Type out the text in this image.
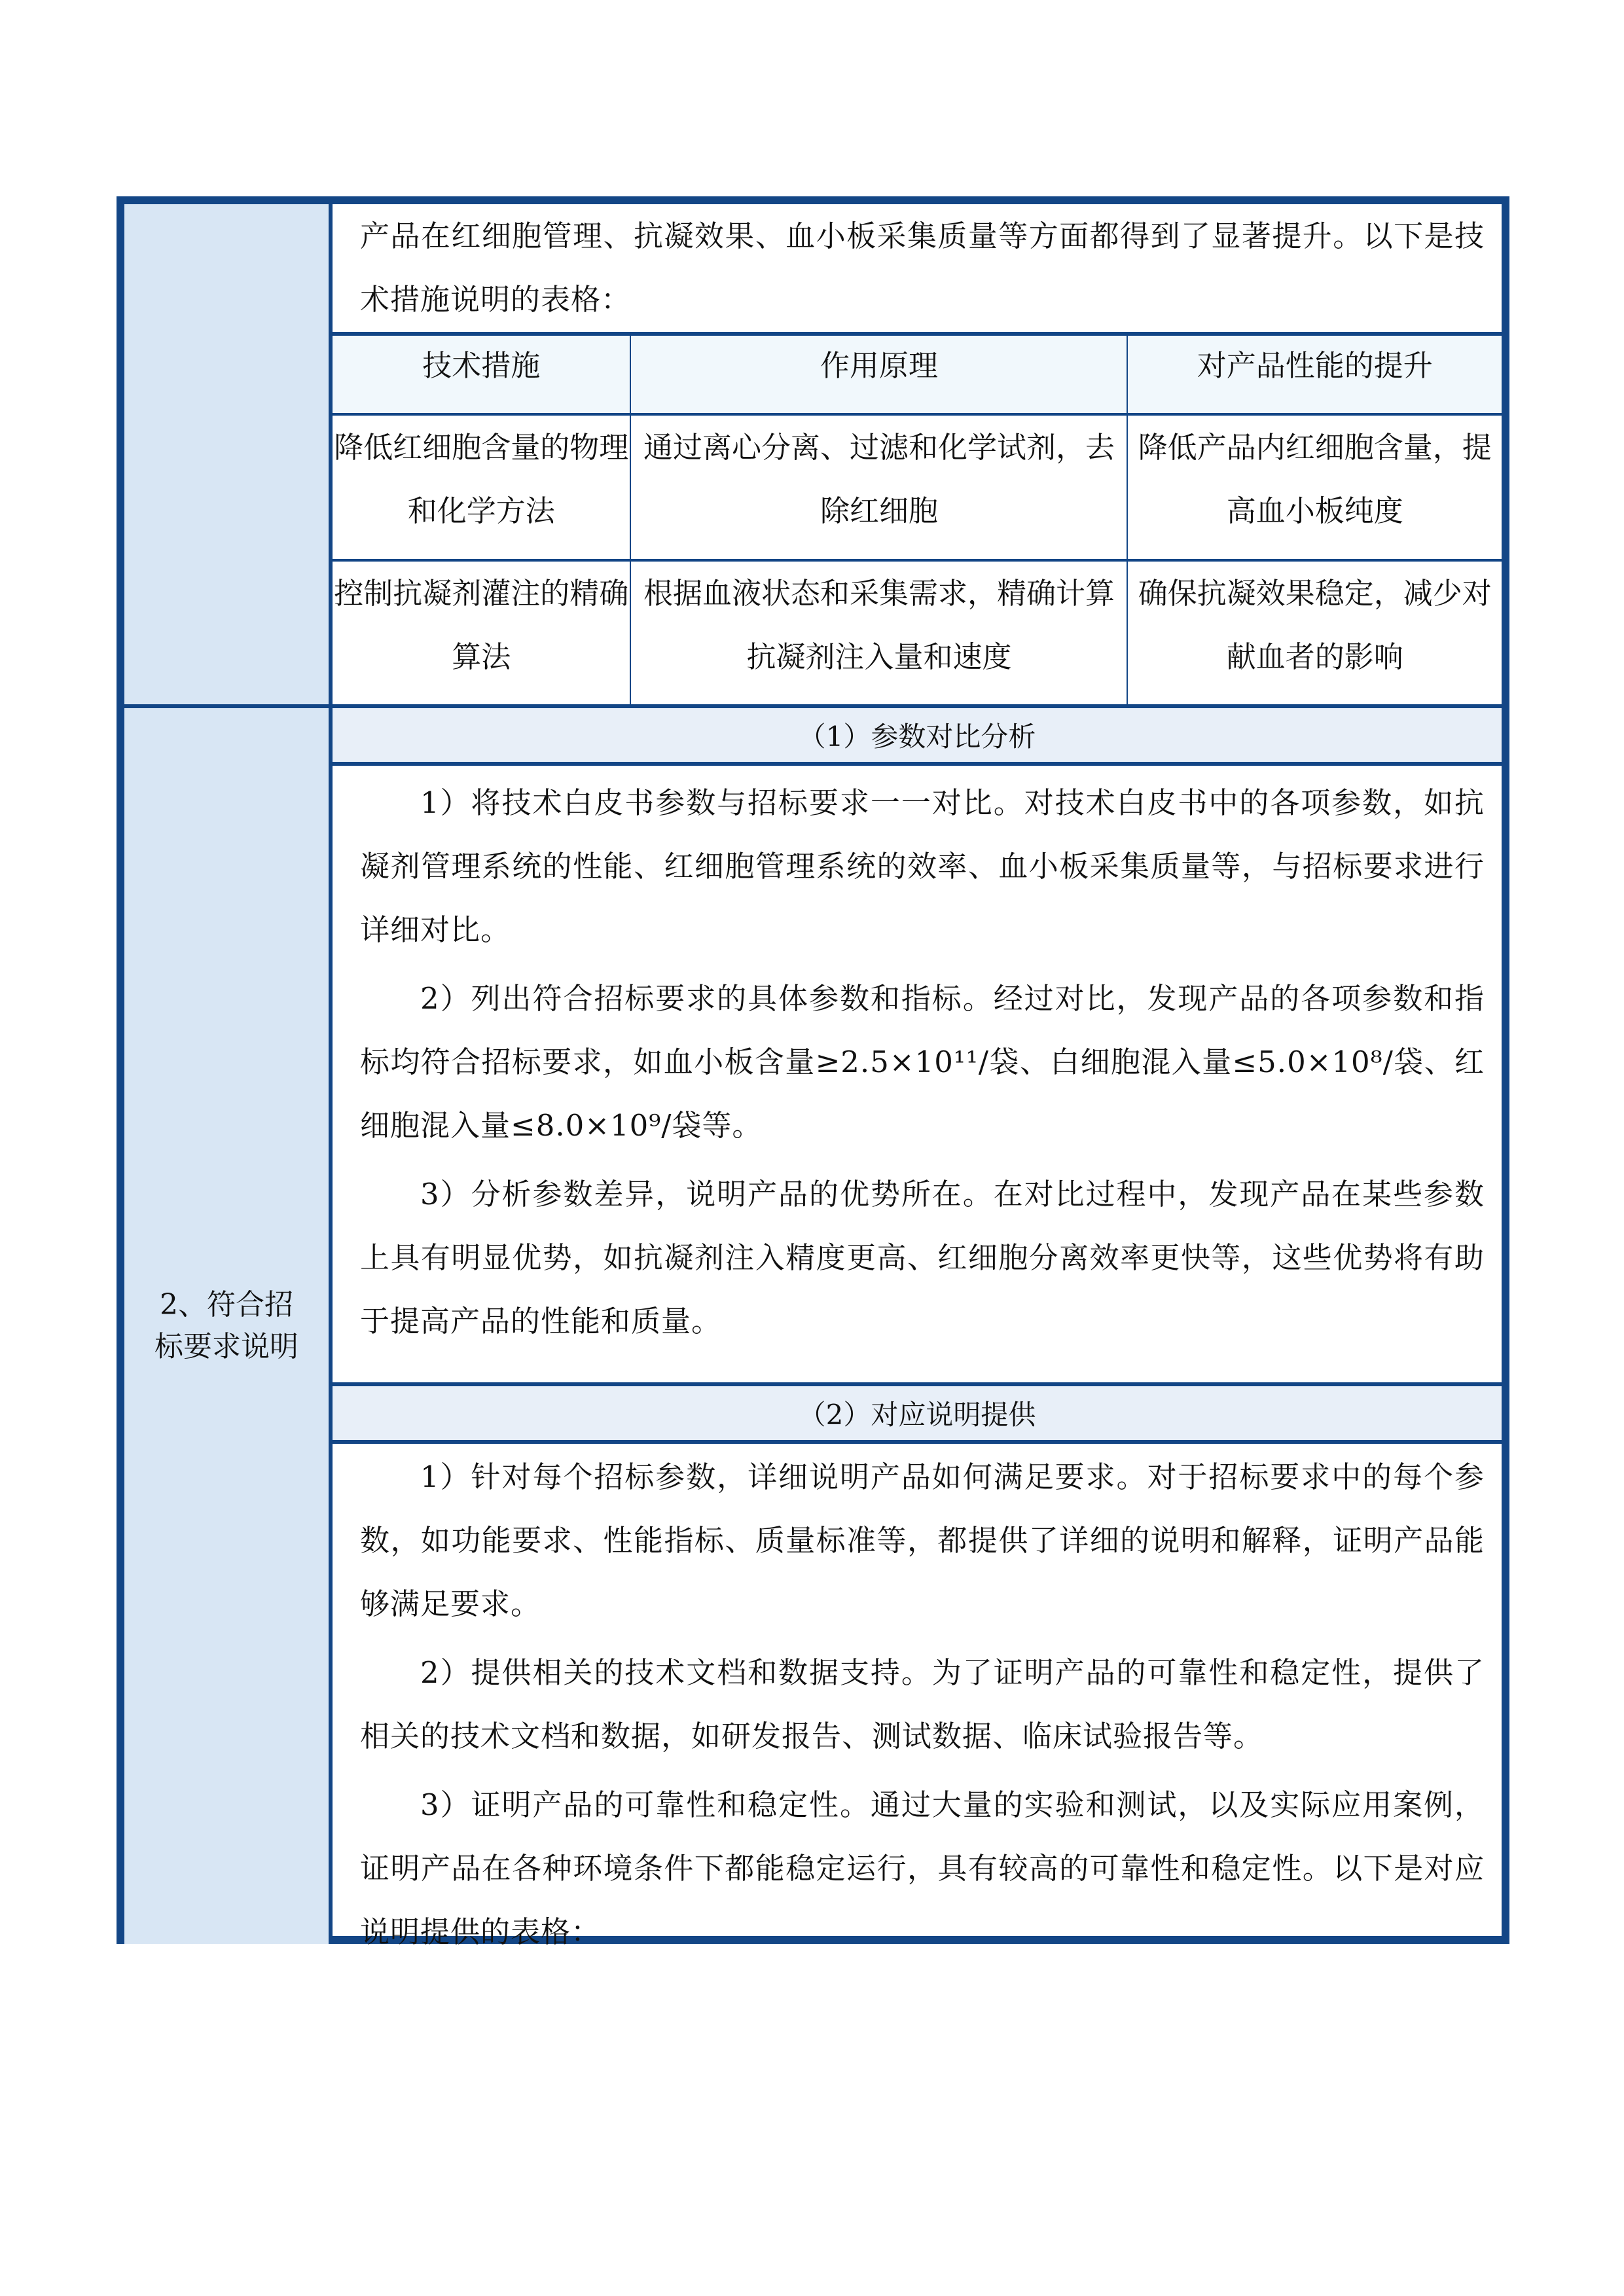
2、符合招标要求说明

产品在红细胞管理、抗凝效果、血小板采集质量等方面都得到了显著提升。以下是技术措施说明的表格：

技术措施	作用原理	对产品性能的提升
降低红细胞含量的物理和化学方法	通过离心分离、过滤和化学试剂，去除红细胞	降低产品内红细胞含量，提高血小板纯度
控制抗凝剂灌注的精确算法	根据血液状态和采集需求，精确计算抗凝剂注入量和速度	确保抗凝效果稳定，减少对献血者的影响
（1）参数对比分析

1）将技术白皮书参数与招标要求一一对比。对技术白皮书中的各项参数，如抗凝剂管理系统的性能、红细胞管理系统的效率、血小板采集质量等，与招标要求进行详细对比。

2）列出符合招标要求的具体参数和指标。经过对比，发现产品的各项参数和指标均符合招标要求，如血小板含量≥2.5×10¹¹/袋、白细胞混入量≤5.0×10⁸/袋、红细胞混入量≤8.0×10⁹/袋等。

3）分析参数差异，说明产品的优势所在。在对比过程中，发现产品在某些参数上具有明显优势，如抗凝剂注入精度更高、红细胞分离效率更快等，这些优势将有助于提高产品的性能和质量。

（2）对应说明提供

1）针对每个招标参数，详细说明产品如何满足要求。对于招标要求中的每个参数，如功能要求、性能指标、质量标准等，都提供了详细的说明和解释，证明产品能够满足要求。

2）提供相关的技术文档和数据支持。为了证明产品的可靠性和稳定性，提供了相关的技术文档和数据，如研发报告、测试数据、临床试验报告等。

3）证明产品的可靠性和稳定性。通过大量的实验和测试，以及实际应用案例，证明产品在各种环境条件下都能稳定运行，具有较高的可靠性和稳定性。以下是对应说明提供的表格：
